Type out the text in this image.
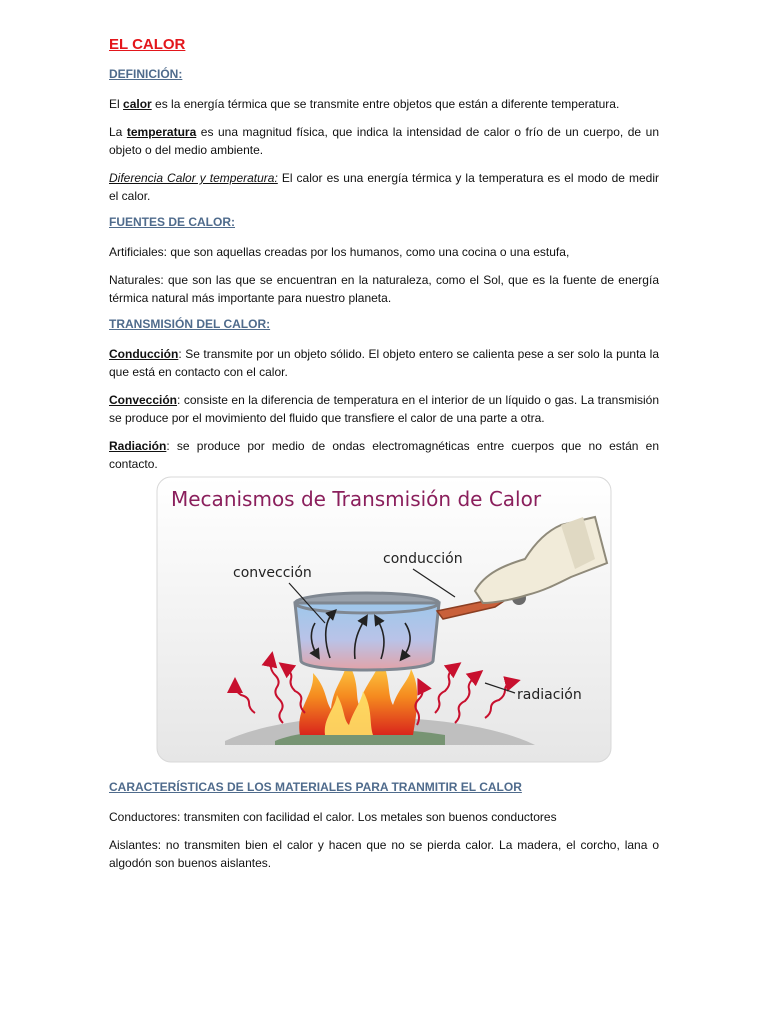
EL CALOR
DEFINICIÓN:

El calor es la energía térmica que se transmite entre objetos que están a diferente temperatura.

La temperatura es una magnitud física, que indica la intensidad de calor o frío de un cuerpo, de un objeto o del medio ambiente.

Diferencia Calor y temperatura: El calor es una energía térmica y la temperatura es el modo de medir el calor.

FUENTES DE CALOR:

Artificiales: que son aquellas creadas por los humanos, como una cocina o una estufa,

Naturales: que son las que se encuentran en la naturaleza, como el Sol, que es la fuente de energía térmica natural más importante para nuestro planeta.

TRANSMISIÓN DEL CALOR:

Conducción: Se transmite por un objeto sólido. El objeto entero se calienta pese a ser solo la punta la que está en contacto con el calor.

Convección: consiste en la diferencia de temperatura en el interior de un líquido o gas. La transmisión se produce por el movimiento del fluido que transfiere el calor de una parte a otra.

Radiación: se produce por medio de ondas electromagnéticas entre cuerpos que no están en contacto.

Mecanismos de Transmisión de Calor
convección
conducción
radiación
CARACTERÍSTICAS DE LOS MATERIALES PARA TRANMITIR EL CALOR

Conductores: transmiten con facilidad el calor. Los metales son buenos conductores

Aislantes: no transmiten bien el calor y hacen que no se pierda calor. La madera, el corcho, lana o algodón son buenos aislantes.
